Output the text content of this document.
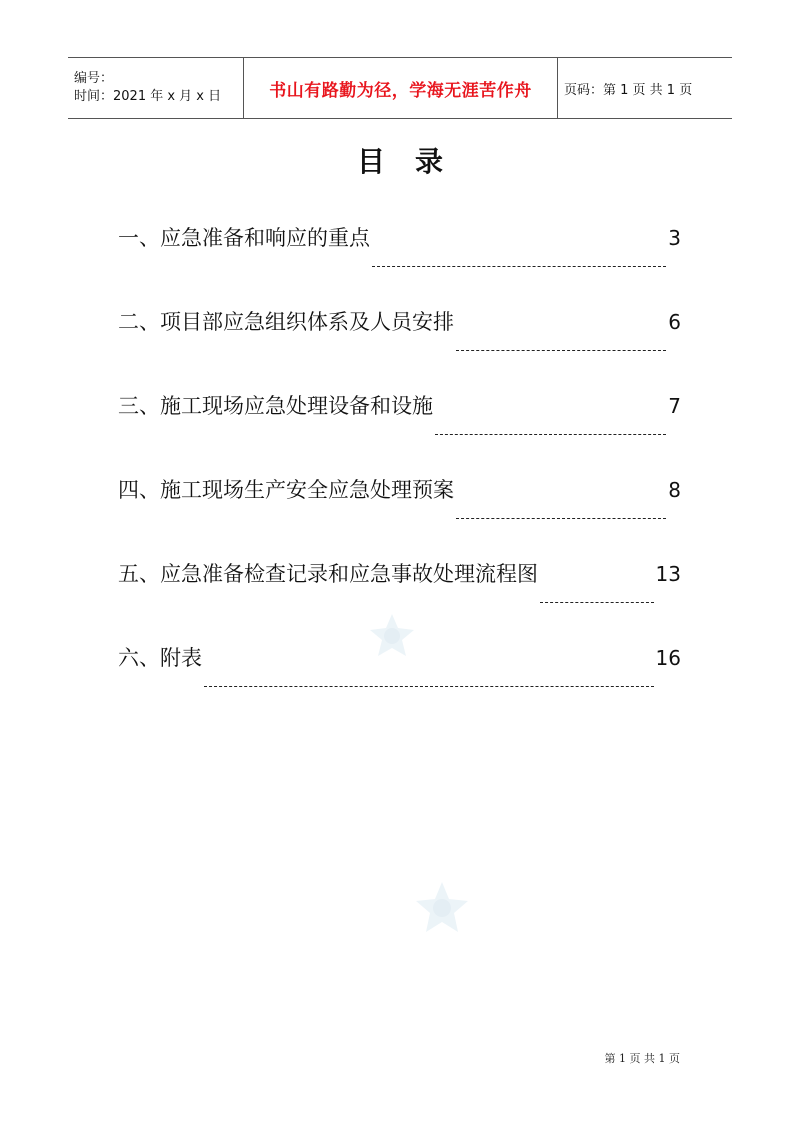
编号：
时间：2021 年 x 月 x 日	书山有路勤为径，学海无涯苦作舟 页码：第 1 页 共 1 页
目录
一、应急准备和响应的重点	3
二、项目部应急组织体系及人员安排	6
三、施工现场应急处理设备和设施	7
四、施工现场生产安全应急处理预案	8
五、应急准备检查记录和应急事故处理流程图	13
六、附表	16
第 1 页 共 1 页
